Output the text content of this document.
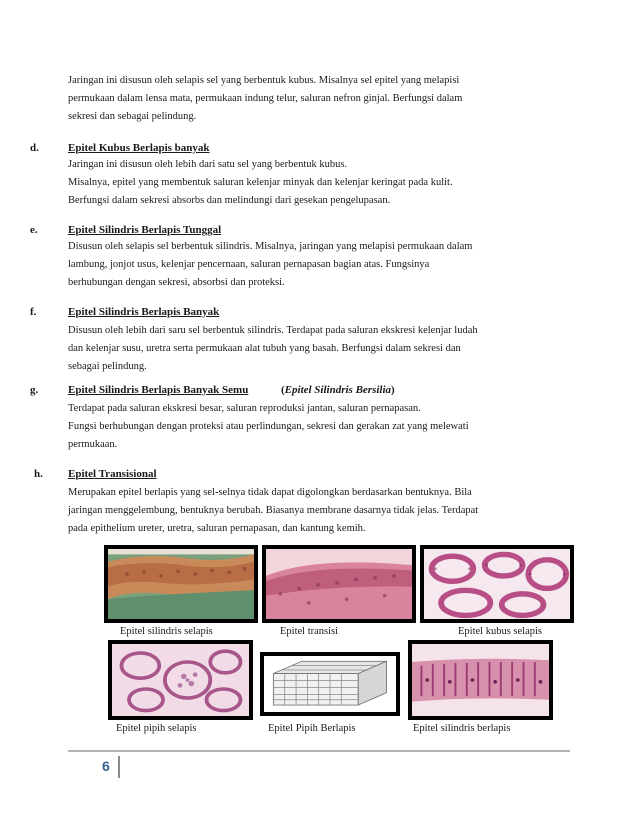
Jaringan ini disusun oleh selapis sel yang berbentuk kubus. Misalnya sel epitel yang melapisi

permukaan dalam lensa mata, permukaan indung telur, saluran nefron ginjal. Berfungsi dalam

sekresi dan sebagai pelindung.

d.	Epitel Kubus Berlapis banyak

Jaringan ini disusun oleh lebih dari satu sel yang berbentuk kubus.

Misalnya, epitel yang membentuk saluran kelenjar minyak dan kelenjar keringat pada kulit.

Berfungsi dalam sekresi absorbs dan melindungi dari gesekan pengelupasan.

e.	Epitel Silindris Berlapis Tunggal

Disusun oleh selapis sel berbentuk silindris. Misalnya, jaringan yang melapisi permukaan dalam

lambung, jonjot usus, kelenjar pencernaan, saluran pernapasan bagian atas. Fungsinya

berhubungan dengan sekresi, absorbsi dan proteksi.

f.	Epitel Silindris Berlapis Banyak

Disusun oleh lebih dari saru sel berbentuk silindris. Terdapat pada saluran ekskresi kelenjar ludah

dan kelenjar susu, uretra serta permukaan alat tubuh yang basah. Berfungsi dalam sekresi dan

sebagai pelindung.

g.	Epitel Silindris Berlapis Banyak Semu	(Epitel Silindris Bersilia)

Terdapat pada saluran ekskresi besar, saluran reproduksi jantan, saluran pernapasan.

Fungsi berhubungan dengan proteksi atau perlindungan, sekresi dan gerakan zat yang melewati

permukaan.

h. Epitel Transisional

Merupakan epitel berlapis yang sel-selnya tidak dapat digolongkan berdasarkan bentuknya. Bila

jaringan menggelembung, bentuknya berubah. Biasanya membrane dasarnya tidak jelas. Terdapat

pada epithelium ureter, uretra, saluran pernapasan, dan kantung kemih.

Epitel silindris selapis	Epitel transisi	Epitel kubus selapis
Epitel pipih selapis	Epitel Pipih Berlapis	Epitel silindris berlapis
6
